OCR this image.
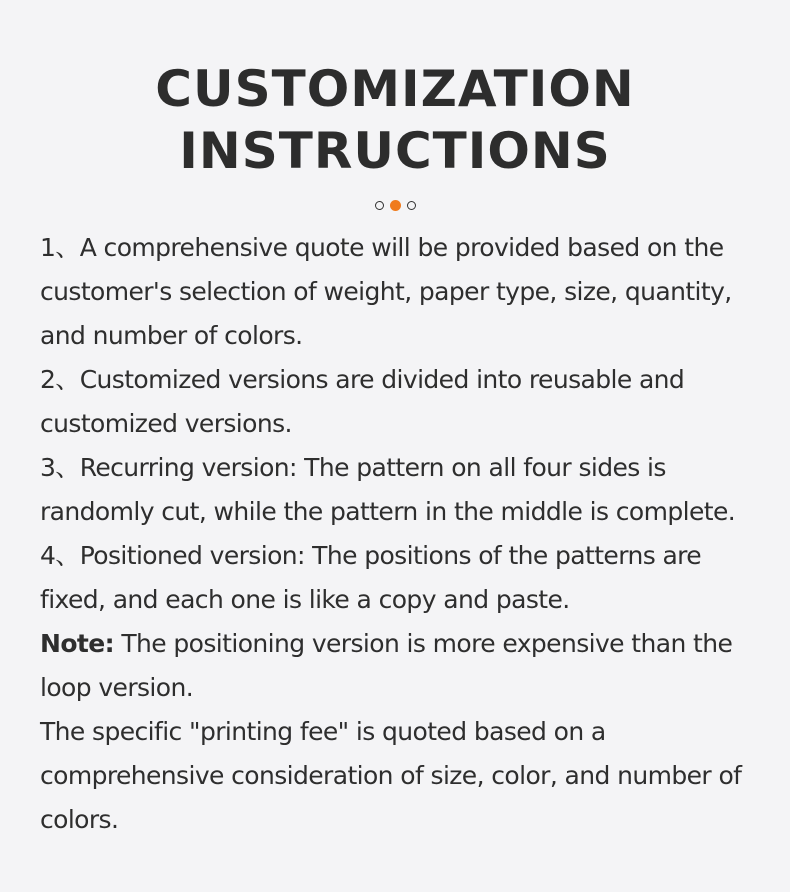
CUSTOMIZATION
INSTRUCTIONS

1、A comprehensive quote will be provided based on the customer's selection of weight, paper type, size, quantity, and number of colors.

2、Customized versions are divided into reusable and customized versions.

3、Recurring version: The pattern on all four sides is randomly cut, while the pattern in the middle is complete.

4、Positioned version: The positions of the patterns are fixed, and each one is like a copy and paste.

Note: The positioning version is more expensive than the loop version.

The specific "printing fee" is quoted based on a comprehensive consideration of size, color, and number of colors.
